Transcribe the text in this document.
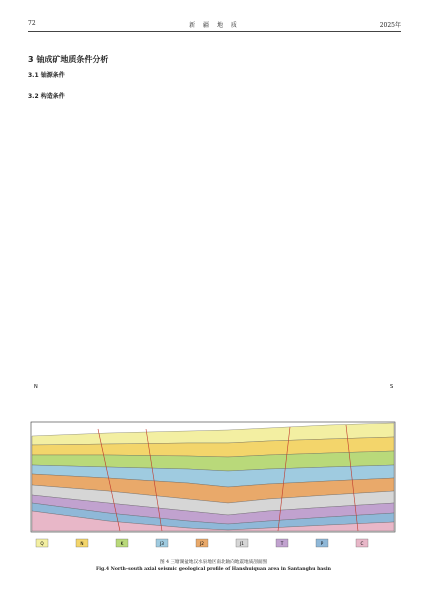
72	新 疆 地 质	2025年

3 铀成矿地质条件分析
3.1 铀源条件

3.2 构造条件

N	S
Q	N	K	J3	J2	J1	T	P	C
图 4 三塘湖盆地汉水泉地区南北轴向地震地质剖面图
Fig.4 North–south axial seismic geological profile of Hanshuiquan area in Santanghu basin
